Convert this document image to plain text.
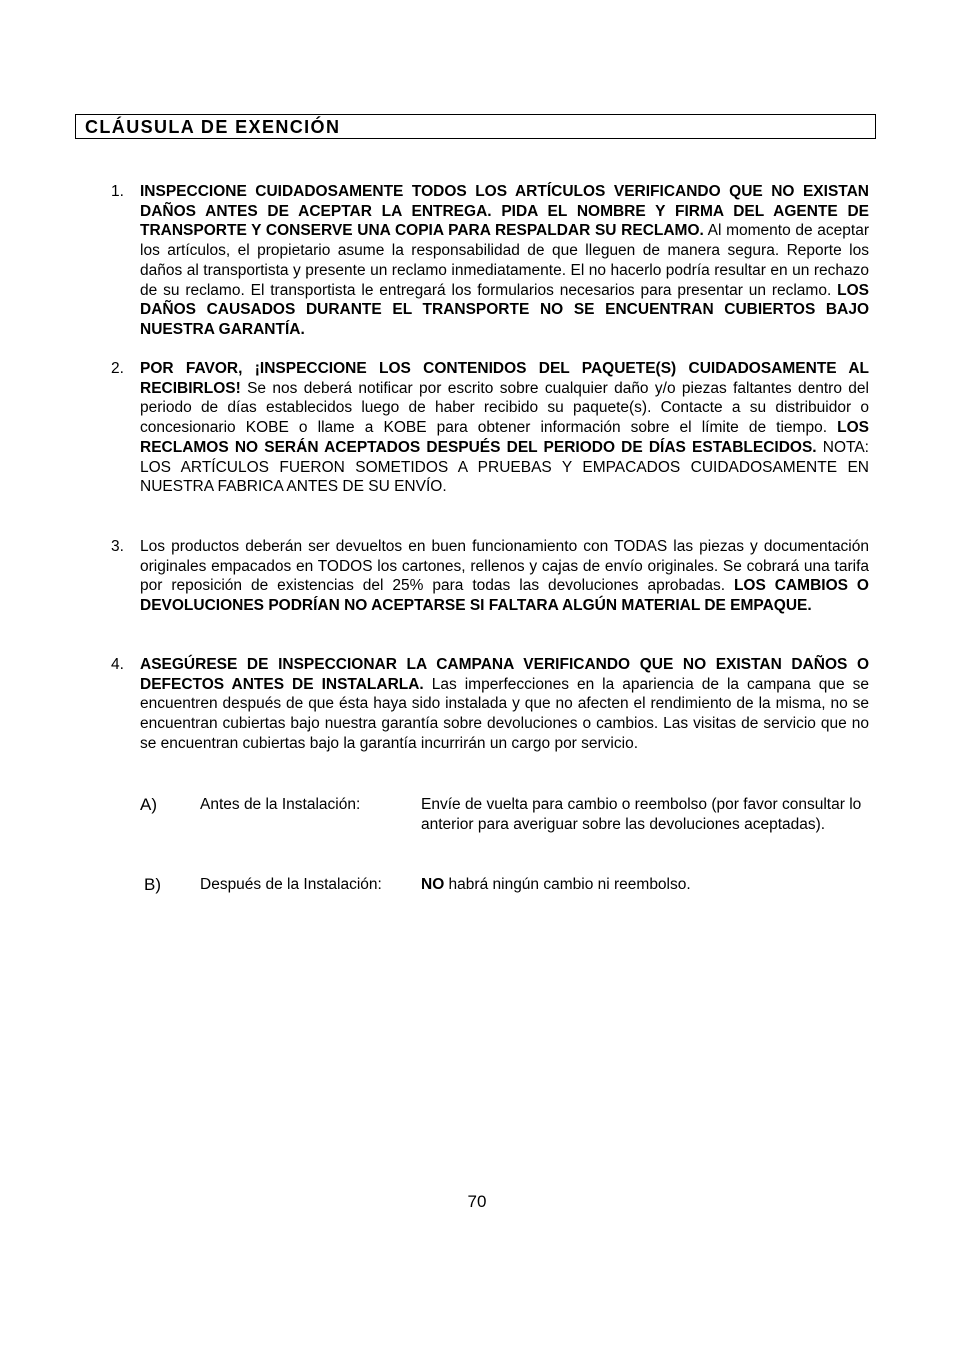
CLÁUSULA DE EXENCIÓN
1. INSPECCIONE CUIDADOSAMENTE TODOS LOS ARTÍCULOS VERIFICANDO QUE NO EXISTAN DAÑOS ANTES DE ACEPTAR LA ENTREGA. PIDA EL NOMBRE Y FIRMA DEL AGENTE DE TRANSPORTE Y CONSERVE UNA COPIA PARA RESPALDAR SU RECLAMO. Al momento de aceptar los artículos, el propietario asume la responsabilidad de que lleguen de manera segura. Reporte los daños al transportista y presente un reclamo inmediatamente. El no hacerlo podría resultar en un rechazo de su reclamo. El transportista le entregará los formularios necesarios para presentar un reclamo. LOS DAÑOS CAUSADOS DURANTE EL TRANSPORTE NO SE ENCUENTRAN CUBIERTOS BAJO NUESTRA GARANTÍA.
2. POR FAVOR, ¡INSPECCIONE LOS CONTENIDOS DEL PAQUETE(S) CUIDADOSAMENTE AL RECIBIRLOS! Se nos deberá notificar por escrito sobre cualquier daño y/o piezas faltantes dentro del periodo de días establecidos luego de haber recibido su paquete(s). Contacte a su distribuidor o concesionario KOBE o llame a KOBE para obtener información sobre el límite de tiempo. LOS RECLAMOS NO SERÁN ACEPTADOS DESPUÉS DEL PERIODO DE DÍAS ESTABLECIDOS. NOTA: LOS ARTÍCULOS FUERON SOMETIDOS A PRUEBAS Y EMPACADOS CUIDADOSAMENTE EN NUESTRA FABRICA ANTES DE SU ENVÍO.
3. Los productos deberán ser devueltos en buen funcionamiento con TODAS las piezas y documentación originales empacados en TODOS los cartones, rellenos y cajas de envío originales. Se cobrará una tarifa por reposición de existencias del 25% para todas las devoluciones aprobadas. LOS CAMBIOS O DEVOLUCIONES PODRÍAN NO ACEPTARSE SI FALTARA ALGÚN MATERIAL DE EMPAQUE.
4. ASEGÚRESE DE INSPECCIONAR LA CAMPANA VERIFICANDO QUE NO EXISTAN DAÑOS O DEFECTOS ANTES DE INSTALARLA. Las imperfecciones en la apariencia de la campana que se encuentren después de que ésta haya sido instalada y que no afecten el rendimiento de la misma, no se encuentran cubiertas bajo nuestra garantía sobre devoluciones o cambios. Las visitas de servicio que no se encuentran cubiertas bajo la garantía incurrirán un cargo por servicio.
A)	Antes de la Instalación:	Envíe de vuelta para cambio o reembolso (por favor consultar lo anterior para averiguar sobre las devoluciones aceptadas).
B)	Después de la Instalación:	NO habrá ningún cambio ni reembolso.
70
